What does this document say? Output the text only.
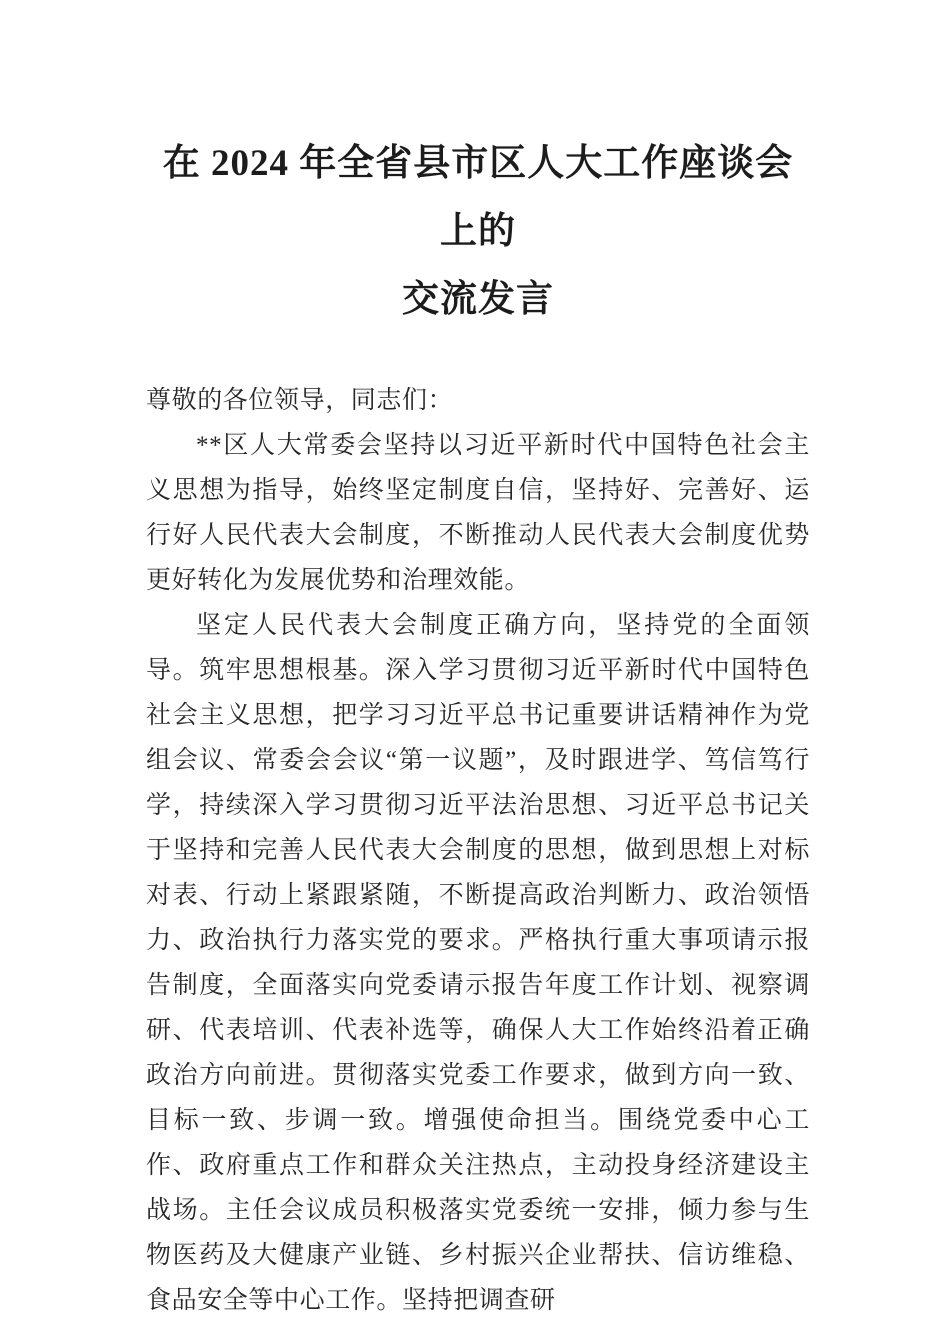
在 2024 年全省县市区人大工作座谈会上的
交流发言

尊敬的各位领导，同志们：

**区人大常委会坚持以习近平新时代中国特色社会主义思想为指导，始终坚定制度自信，坚持好、完善好、运行好人民代表大会制度，不断推动人民代表大会制度优势更好转化为发展优势和治理效能。

坚定人民代表大会制度正确方向，坚持党的全面领导。筑牢思想根基。深入学习贯彻习近平新时代中国特色社会主义思想，把学习习近平总书记重要讲话精神作为党组会议、常委会会议“第一议题”，及时跟进学、笃信笃行学，持续深入学习贯彻习近平法治思想、习近平总书记关于坚持和完善人民代表大会制度的思想，做到思想上对标对表、行动上紧跟紧随，不断提高政治判断力、政治领悟力、政治执行力落实党的要求。严格执行重大事项请示报告制度，全面落实向党委请示报告年度工作计划、视察调研、代表培训、代表补选等，确保人大工作始终沿着正确政治方向前进。贯彻落实党委工作要求，做到方向一致、目标一致、步调一致。增强使命担当。围绕党委中心工作、政府重点工作和群众关注热点，主动投身经济建设主战场。主任会议成员积极落实党委统一安排，倾力参与生物医药及大健康产业链、乡村振兴企业帮扶、信访维稳、食品安全等中心工作。坚持把调查研
